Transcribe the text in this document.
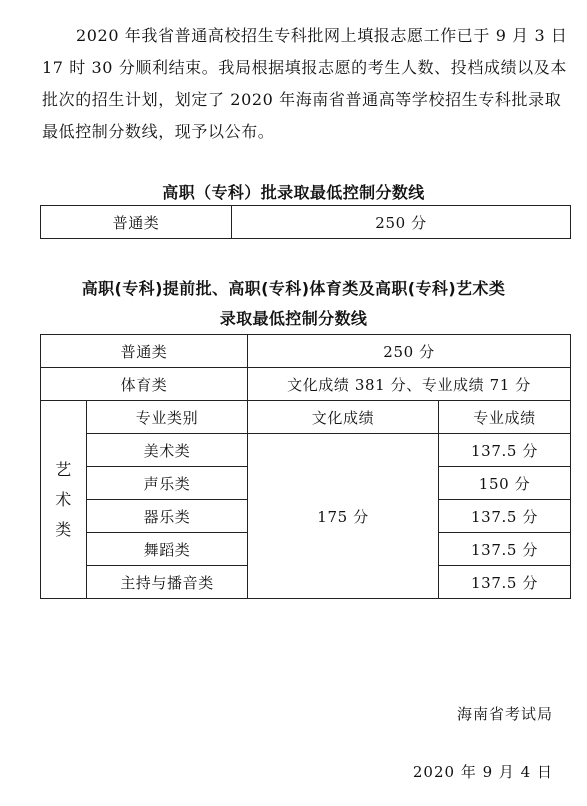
2020 年我省普通高校招生专科批网上填报志愿工作已于 9 月 3 日 17 时 30 分顺利结束。我局根据填报志愿的考生人数、投档成绩以及本批次的招生计划，划定了 2020 年海南省普通高等学校招生专科批录取最低控制分数线，现予以公布。

高职（专科）批录取最低控制分数线
普通类	250 分
高职(专科)提前批、高职(专科)体育类及高职(专科)艺术类
录取最低控制分数线
普通类		250 分	
体育类		文化成绩 381 分、专业成绩 71 分	
艺
术
类	专业类别	文化成绩	专业成绩
	美术类	175 分	137.5 分
	声乐类		150 分
	器乐类		137.5 分
	舞蹈类		137.5 分
	主持与播音类		137.5 分
海南省考试局
2020 年 9 月 4 日
